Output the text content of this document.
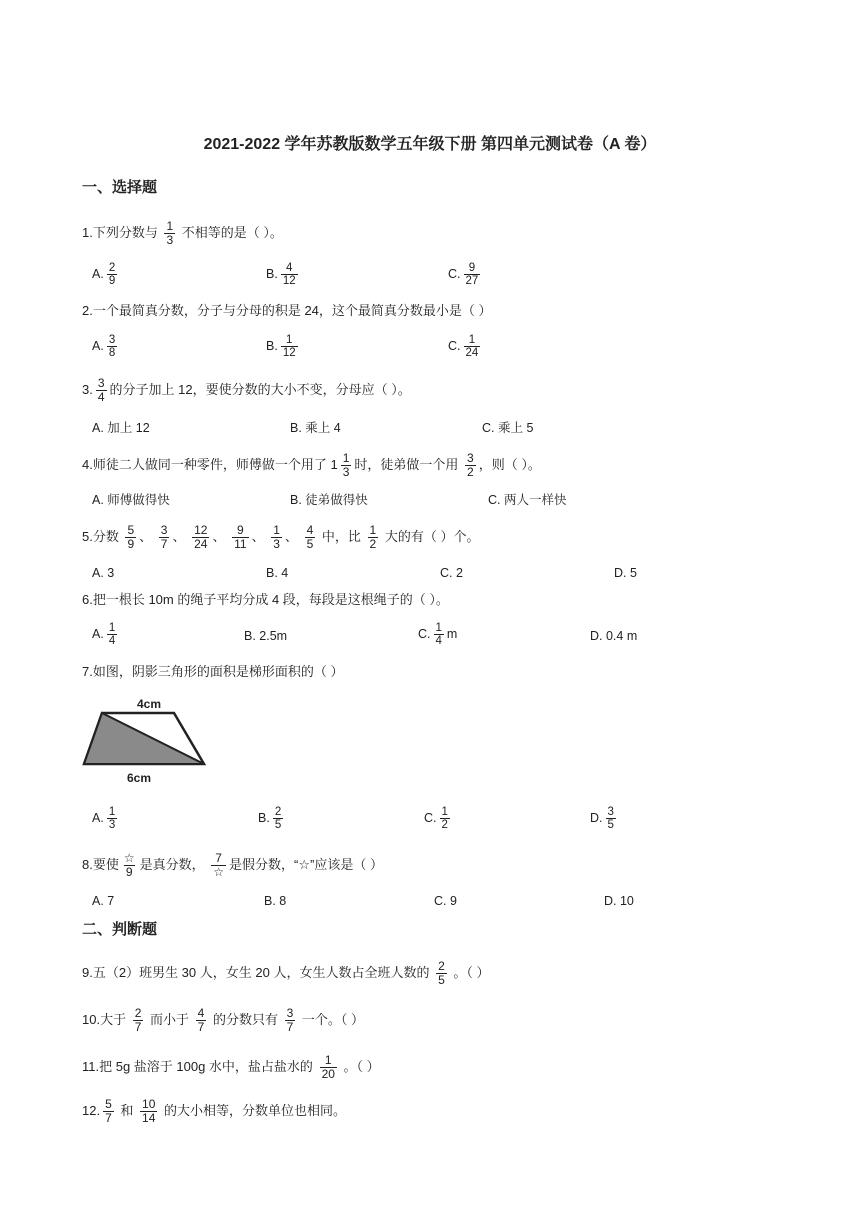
2021-2022 学年苏教版数学五年级下册 第四单元测试卷（A 卷）
一、选择题
1.下列分数与 $\frac{1}{3}$ 不相等的是（ ）。
A. $\frac{2}{9}$	B. $\frac{4}{12}$	C. $\frac{9}{27}$
2.一个最简真分数，分子与分母的积是 24，这个最简真分数最小是（ ）
A. $\frac{3}{8}$	B. $\frac{1}{12}$	C. $\frac{1}{24}$
3. $\frac{3}{4}$ 的分子加上 12，要使分数的大小不变，分母应（ ）。
A. 加上 12	B. 乘上 4	C. 乘上 5
4.师徒二人做同一种零件，师傅做一个用了 $1 \frac{1}{3}$ 时，徒弟做一个用 $\frac{3}{2}$ ，则（ ）。
A. 师傅做得快	B. 徒弟做得快	C. 两人一样快
5.分数 $\frac{5}{9}$ 、 $\frac{3}{7}$ 、 $\frac{12}{24}$ 、 $\frac{9}{11}$ 、 $\frac{1}{3}$ 、 $\frac{4}{5}$ 中，比 $\frac{1}{2}$ 大的有（ ）个。
A. 3	B. 4	C. 2	D. 5
6.把一根长 10m 的绳子平均分成 4 段，每段是这根绳子的（ ）。
A. $\frac{1}{4}$	B. 2.5m	C. $\frac{1}{4}$ m	D. 0.4 m
7.如图，阴影三角形的面积是梯形面积的（ ）
4cm
6cm
A. $\frac{1}{3}$	B. $\frac{2}{5}$	C. $\frac{1}{2}$	D. $\frac{3}{5}$
8.要使 $\frac{☆}{9}$ 是真分数， $\frac{7}{☆}$ 是假分数，“☆”应该是（ ）
A. 7	B. 8	C. 9	D. 10
二、判断题
9.五（2）班男生 30 人，女生 20 人，女生人数占全班人数的 $\frac{2}{5}$ 。（ ）
10.大于 $\frac{2}{7}$ 而小于 $\frac{4}{7}$ 的分数只有 $\frac{3}{7}$ 一个。（ ）
11.把 5g 盐溶于 100g 水中，盐占盐水的 $\frac{1}{20}$ 。（ ）
12. $\frac{5}{7}$ 和 $\frac{10}{14}$ 的大小相等，分数单位也相同。
